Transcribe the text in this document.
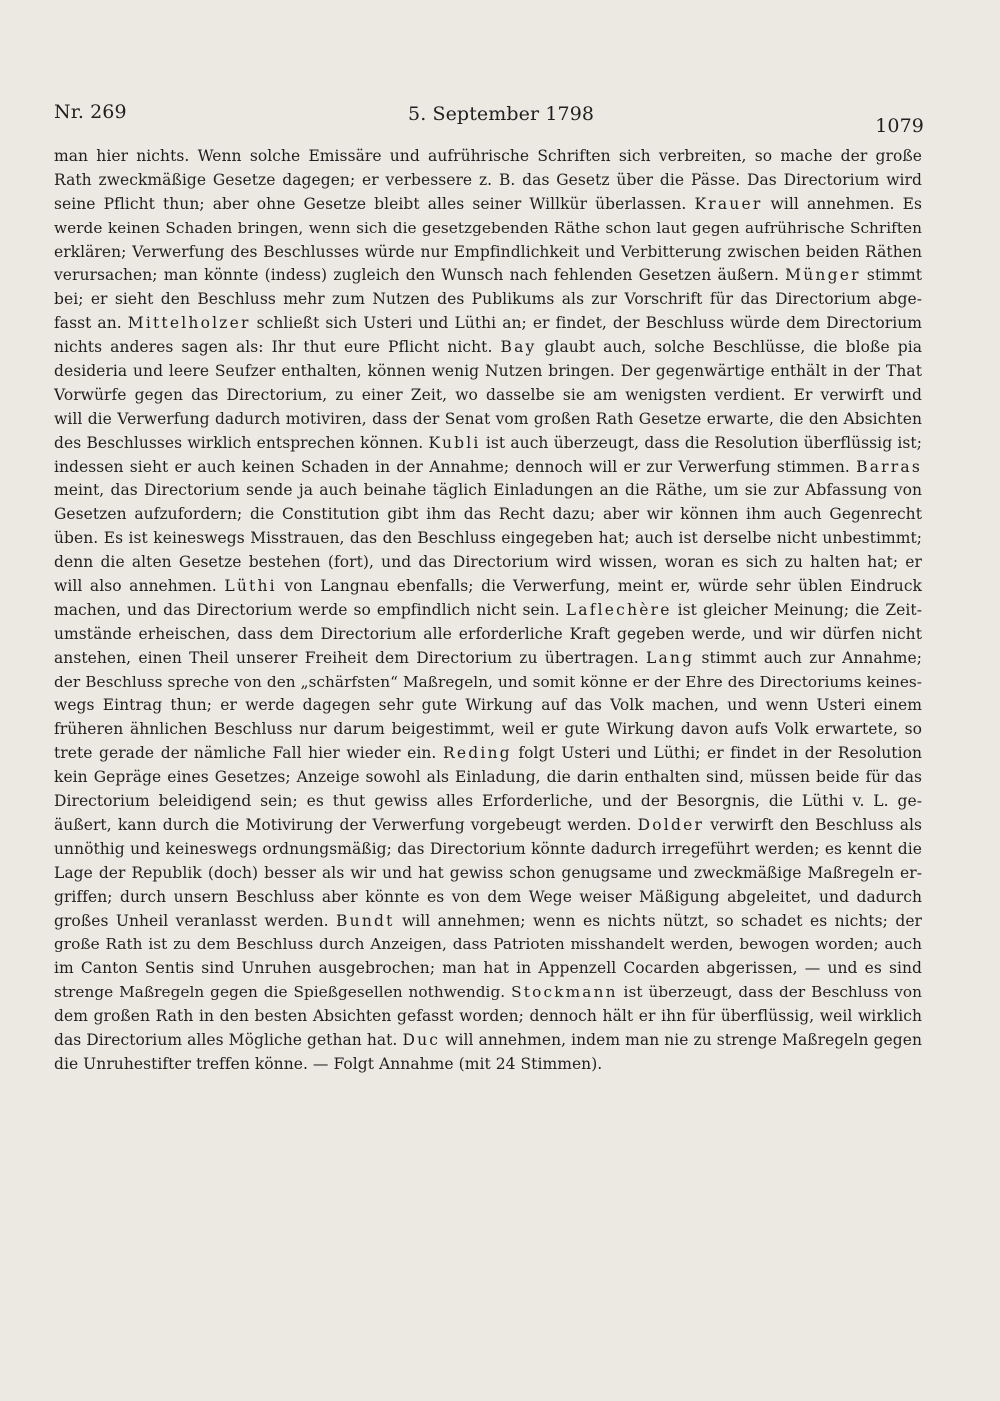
Nr. 269	5. September 1798
1079
man hier nichts. Wenn solche Emissäre und aufrührische Schriften sich verbreiten, so mache der große
Rath zweckmäßige Gesetze dagegen; er verbessere z. B. das Gesetz über die Pässe. Das Directorium wird
seine Pflicht thun; aber ohne Gesetze bleibt alles seiner Willkür überlassen. Krauer will annehmen. Es
werde keinen Schaden bringen, wenn sich die gesetzgebenden Räthe schon laut gegen aufrührische Schriften
erklären; Verwerfung des Beschlusses würde nur Empfindlichkeit und Verbitterung zwischen beiden Räthen
verursachen; man könnte (indess) zugleich den Wunsch nach fehlenden Gesetzen äußern. Münger stimmt
bei; er sieht den Beschluss mehr zum Nutzen des Publikums als zur Vorschrift für das Directorium abge-
fasst an. Mittelholzer schließt sich Usteri und Lüthi an; er findet, der Beschluss würde dem Directorium
nichts anderes sagen als: Ihr thut eure Pflicht nicht. Bay glaubt auch, solche Beschlüsse, die bloße pia
desideria und leere Seufzer enthalten, können wenig Nutzen bringen. Der gegenwärtige enthält in der That
Vorwürfe gegen das Directorium, zu einer Zeit, wo dasselbe sie am wenigsten verdient. Er verwirft und
will die Verwerfung dadurch motiviren, dass der Senat vom großen Rath Gesetze erwarte, die den Absichten
des Beschlusses wirklich entsprechen können. Kubli ist auch überzeugt, dass die Resolution überflüssig ist;
indessen sieht er auch keinen Schaden in der Annahme; dennoch will er zur Verwerfung stimmen. Barras
meint, das Directorium sende ja auch beinahe täglich Einladungen an die Räthe, um sie zur Abfassung von
Gesetzen aufzufordern; die Constitution gibt ihm das Recht dazu; aber wir können ihm auch Gegenrecht
üben. Es ist keineswegs Misstrauen, das den Beschluss eingegeben hat; auch ist derselbe nicht unbestimmt;
denn die alten Gesetze bestehen (fort), und das Directorium wird wissen, woran es sich zu halten hat; er
will also annehmen. Lüthi von Langnau ebenfalls; die Verwerfung, meint er, würde sehr üblen Eindruck
machen, und das Directorium werde so empfindlich nicht sein. Laflechère ist gleicher Meinung; die Zeit-
umstände erheischen, dass dem Directorium alle erforderliche Kraft gegeben werde, und wir dürfen nicht
anstehen, einen Theil unserer Freiheit dem Directorium zu übertragen. Lang stimmt auch zur Annahme;
der Beschluss spreche von den „schärfsten“ Maßregeln, und somit könne er der Ehre des Directoriums keines-
wegs Eintrag thun; er werde dagegen sehr gute Wirkung auf das Volk machen, und wenn Usteri einem
früheren ähnlichen Beschluss nur darum beigestimmt, weil er gute Wirkung davon aufs Volk erwartete, so
trete gerade der nämliche Fall hier wieder ein. Reding folgt Usteri und Lüthi; er findet in der Resolution
kein Gepräge eines Gesetzes; Anzeige sowohl als Einladung, die darin enthalten sind, müssen beide für das
Directorium beleidigend sein; es thut gewiss alles Erforderliche, und der Besorgnis, die Lüthi v. L. ge-
äußert, kann durch die Motivirung der Verwerfung vorgebeugt werden. Dolder verwirft den Beschluss als
unnöthig und keineswegs ordnungsmäßig; das Directorium könnte dadurch irregeführt werden; es kennt die
Lage der Republik (doch) besser als wir und hat gewiss schon genugsame und zweckmäßige Maßregeln er-
griffen; durch unsern Beschluss aber könnte es von dem Wege weiser Mäßigung abgeleitet, und dadurch
großes Unheil veranlasst werden. Bundt will annehmen; wenn es nichts nützt, so schadet es nichts; der
große Rath ist zu dem Beschluss durch Anzeigen, dass Patrioten misshandelt werden, bewogen worden; auch
im Canton Sentis sind Unruhen ausgebrochen; man hat in Appenzell Cocarden abgerissen, — und es sind
strenge Maßregeln gegen die Spießgesellen nothwendig. Stockmann ist überzeugt, dass der Beschluss von
dem großen Rath in den besten Absichten gefasst worden; dennoch hält er ihn für überflüssig, weil wirklich
das Directorium alles Mögliche gethan hat. Duc will annehmen, indem man nie zu strenge Maßregeln gegen
die Unruhestifter treffen könne. — Folgt Annahme (mit 24 Stimmen).
